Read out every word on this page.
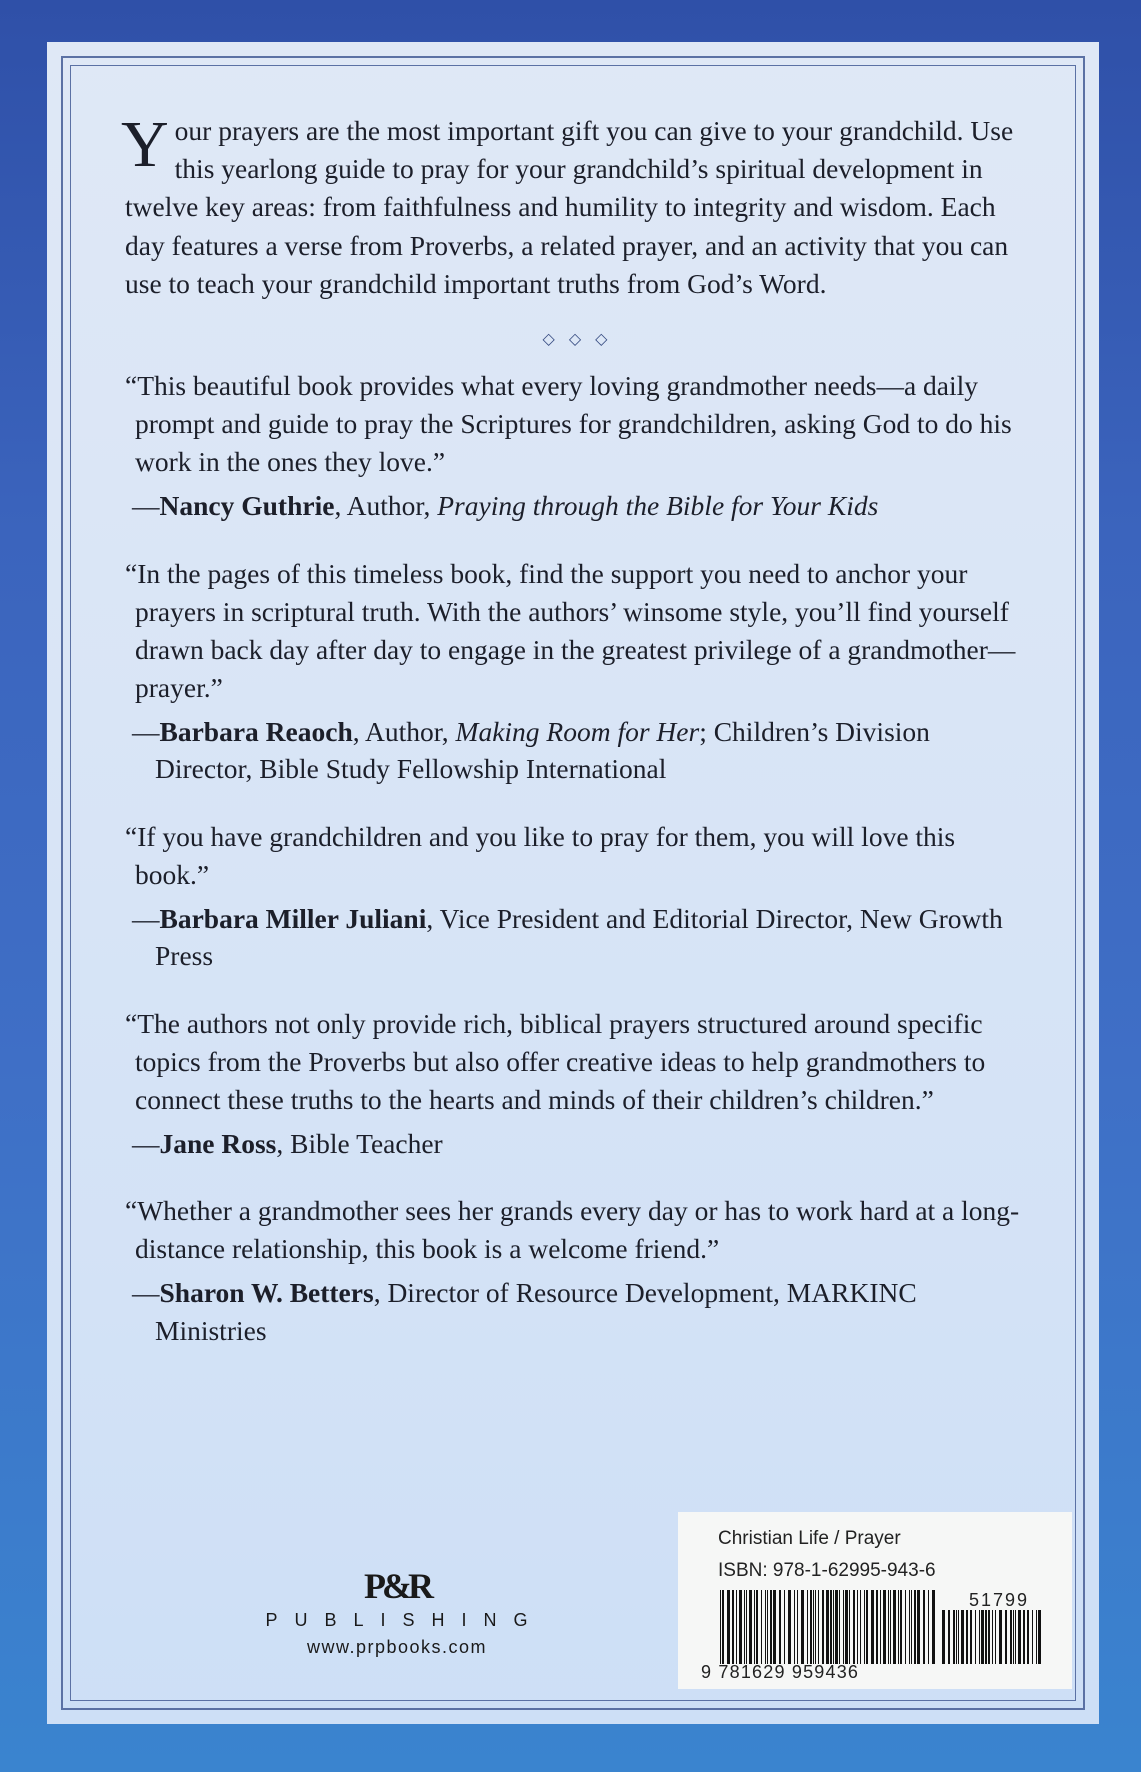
Your prayers are the most important gift you can give to your grandchild. Use this yearlong guide to pray for your grandchild’s spiritual development in twelve key areas: from faithfulness and humility to integrity and wisdom. Each day features a verse from Proverbs, a related prayer, and an activity that you can use to teach your grandchild important truths from God’s Word.

◇◇◇

“This beautiful book provides what every loving grandmother needs—a daily prompt and guide to pray the Scriptures for grandchildren, asking God to do his work in the ones they love.”

—Nancy Guthrie, Author, Praying through the Bible for Your Kids

“In the pages of this timeless book, find the support you need to anchor your prayers in scriptural truth. With the authors’ winsome style, you’ll find yourself drawn back day after day to engage in the greatest privilege of a grandmother—prayer.”

—Barbara Reaoch, Author, Making Room for Her; Children’s Division Director, Bible Study Fellowship International

“If you have grandchildren and you like to pray for them, you will love this book.”

—Barbara Miller Juliani, Vice President and Editorial Director, New Growth Press

“The authors not only provide rich, biblical prayers structured around specific topics from the Proverbs but also offer creative ideas to help grandmothers to connect these truths to the hearts and minds of their children’s children.”

—Jane Ross, Bible Teacher

“Whether a grandmother sees her grands every day or has to work hard at a long-distance relationship, this book is a welcome friend.”

—Sharon W. Betters, Director of Resource Development, MARKINC Ministries

P&R
PUBLISHING
www.prpbooks.com
Christian Life / Prayer
ISBN: 978-1-62995-943-6
9 781629 959436
51799
